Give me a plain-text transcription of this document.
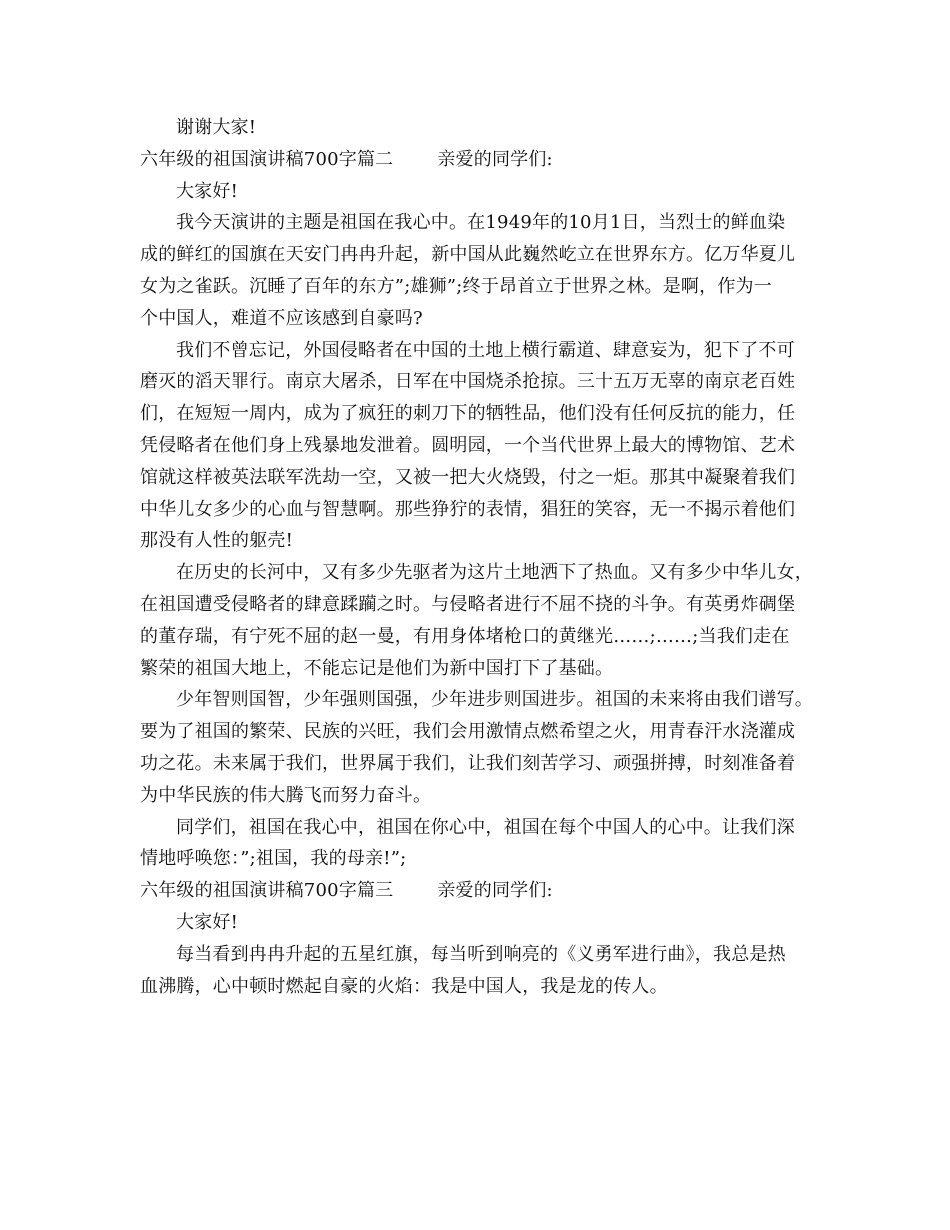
谢谢大家!
六年级的祖国演讲稿700字篇二 亲爱的同学们:
大家好!
我今天演讲的主题是祖国在我心中。在1949年的10月1日，当烈士的鲜血染
成的鲜红的国旗在天安门冉冉升起，新中国从此巍然屹立在世界东方。亿万华夏儿
女为之雀跃。沉睡了百年的东方”;雄狮”;终于昂首立于世界之林。是啊，作为一
个中国人，难道不应该感到自豪吗?
我们不曾忘记，外国侵略者在中国的土地上横行霸道、肆意妄为，犯下了不可
磨灭的滔天罪行。南京大屠杀，日军在中国烧杀抢掠。三十五万无辜的南京老百姓
们，在短短一周内，成为了疯狂的刺刀下的牺牲品，他们没有任何反抗的能力，任
凭侵略者在他们身上残暴地发泄着。圆明园，一个当代世界上最大的博物馆、艺术
馆就这样被英法联军洗劫一空，又被一把大火烧毁，付之一炬。那其中凝聚着我们
中华儿女多少的心血与智慧啊。那些狰狞的表情，猖狂的笑容，无一不揭示着他们
那没有人性的躯壳!
在历史的长河中，又有多少先驱者为这片土地洒下了热血。又有多少中华儿女，
在祖国遭受侵略者的肆意蹂躏之时。与侵略者进行不屈不挠的斗争。有英勇炸碉堡
的董存瑞，有宁死不屈的赵一曼，有用身体堵枪口的黄继光……;……;当我们走在
繁荣的祖国大地上，不能忘记是他们为新中国打下了基础。
少年智则国智，少年强则国强，少年进步则国进步。祖国的未来将由我们谱写。
要为了祖国的繁荣、民族的兴旺，我们会用激情点燃希望之火，用青春汗水浇灌成
功之花。未来属于我们，世界属于我们，让我们刻苦学习、顽强拼搏，时刻准备着
为中华民族的伟大腾飞而努力奋斗。
同学们，祖国在我心中，祖国在你心中，祖国在每个中国人的心中。让我们深
情地呼唤您：”;祖国，我的母亲!”;
六年级的祖国演讲稿700字篇三 亲爱的同学们:
大家好!
每当看到冉冉升起的五星红旗，每当听到响亮的《义勇军进行曲》，我总是热
血沸腾，心中顿时燃起自豪的火焰：我是中国人，我是龙的传人。
